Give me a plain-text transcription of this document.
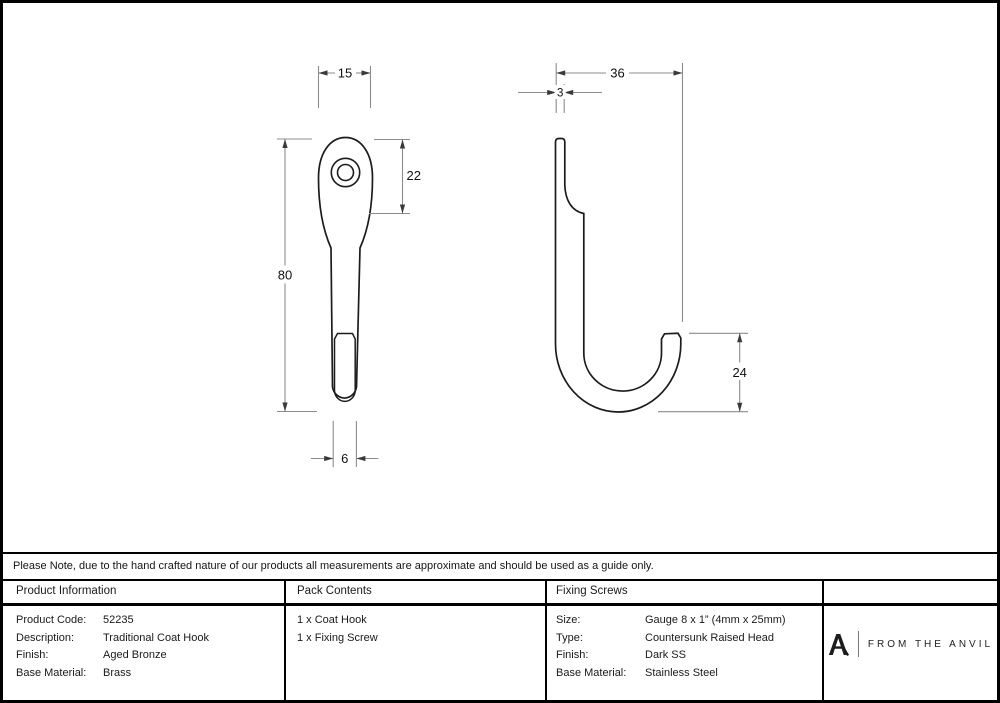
15
22
80
6
36
3
24
Please Note, due to the hand crafted nature of our products all measurements are approximate and should be used as a guide only.
Product Information	Pack Contents	Fixing Screws
Product Code:	52235
Description:	Traditional Coat Hook
Finish:	Aged Bronze
Base Material:	Brass
1 x Coat Hook
1 x Fixing Screw
Size:	Gauge 8 x 1” (4mm x 25mm)
Type:	Countersunk Raised Head
Finish:	Dark SS
Base Material:	Stainless Steel
FROM THE ANVIL
